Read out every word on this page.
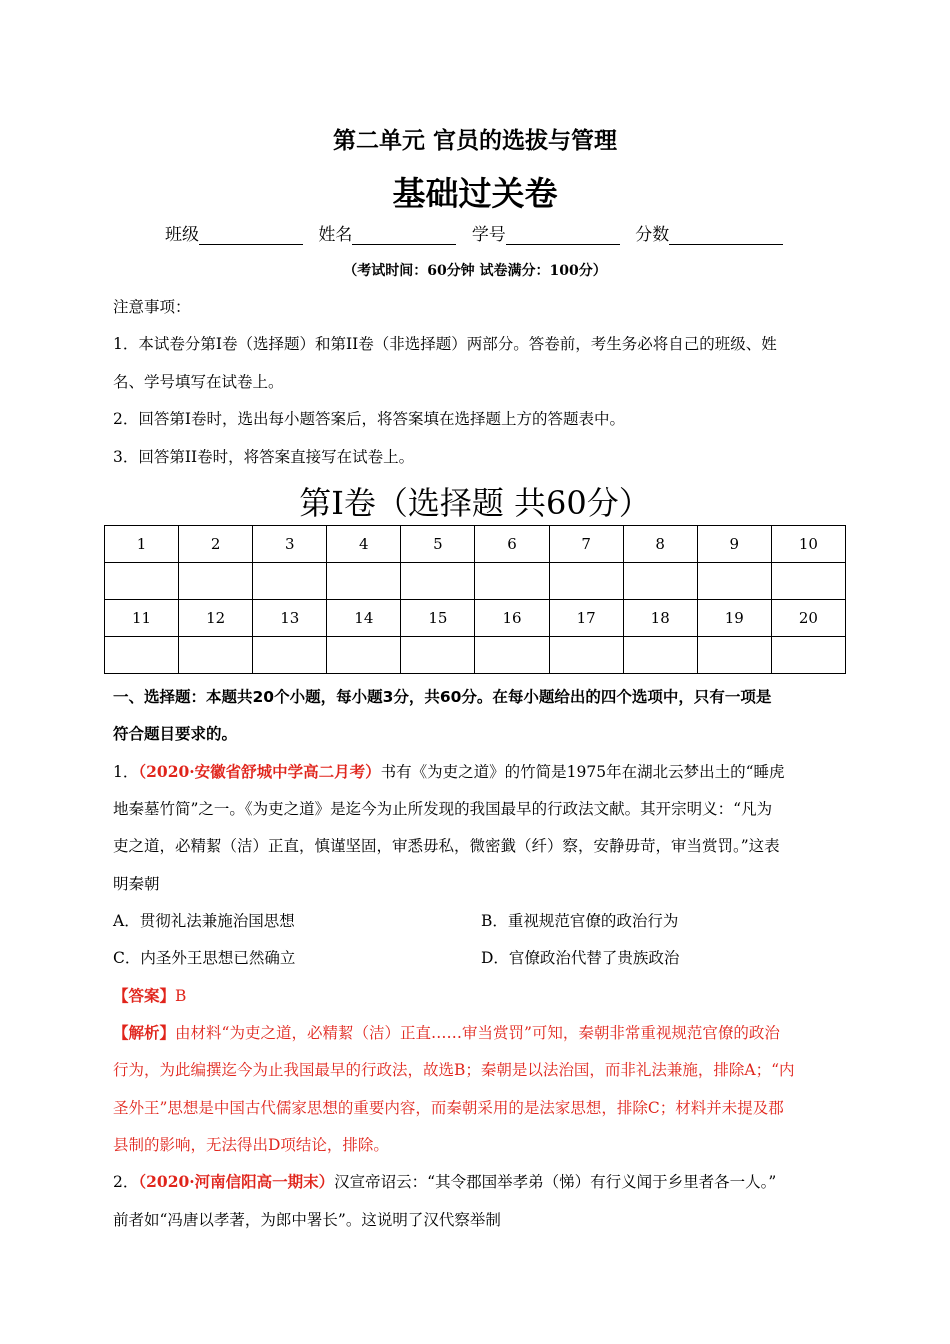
第二单元 官员的选拔与管理
基础过关卷
班级	姓名	学号	分数
（考试时间：60分钟 试卷满分：100分）
注意事项：
1．本试卷分第I卷（选择题）和第II卷（非选择题）两部分。答卷前，考生务必将自己的班级、姓
名、学号填写在试卷上。
2．回答第I卷时，选出每小题答案后，将答案填在选择题上方的答题表中。
3．回答第II卷时，将答案直接写在试卷上。
第I卷（选择题 共60分）
1	2	3	4	5	6	7	8	9	10

11	12	13	14	15	16	17	18	19	20

一、选择题：本题共20个小题，每小题3分，共60分。在每小题给出的四个选项中，只有一项是
符合题目要求的。
1．（2020·安徽省舒城中学高二月考）书有《为吏之道》的竹简是1975年在湖北云梦出土的“睡虎
地秦墓竹简”之一。《为吏之道》是迄今为止所发现的我国最早的行政法文献。其开宗明义：“凡为
吏之道，必精絜（洁）正直，慎谨坚固，审悉毋私，微密韱（纤）察，安静毋苛，审当赏罚。”这表
明秦朝
A．贯彻礼法兼施治国思想	B．重视规范官僚的政治行为
C．内圣外王思想已然确立	D．官僚政治代替了贵族政治
【答案】B
【解析】由材料“为吏之道，必精絜（洁）正直……审当赏罚”可知，秦朝非常重视规范官僚的政治
行为，为此编撰迄今为止我国最早的行政法，故选B；秦朝是以法治国，而非礼法兼施，排除A；“内
圣外王”思想是中国古代儒家思想的重要内容，而秦朝采用的是法家思想，排除C；材料并未提及郡
县制的影响，无法得出D项结论，排除。
2．（2020·河南信阳高一期末）汉宣帝诏云：“其令郡国举孝弟（悌）有行义闻于乡里者各一人。”
前者如“冯唐以孝著，为郎中署长”。这说明了汉代察举制
